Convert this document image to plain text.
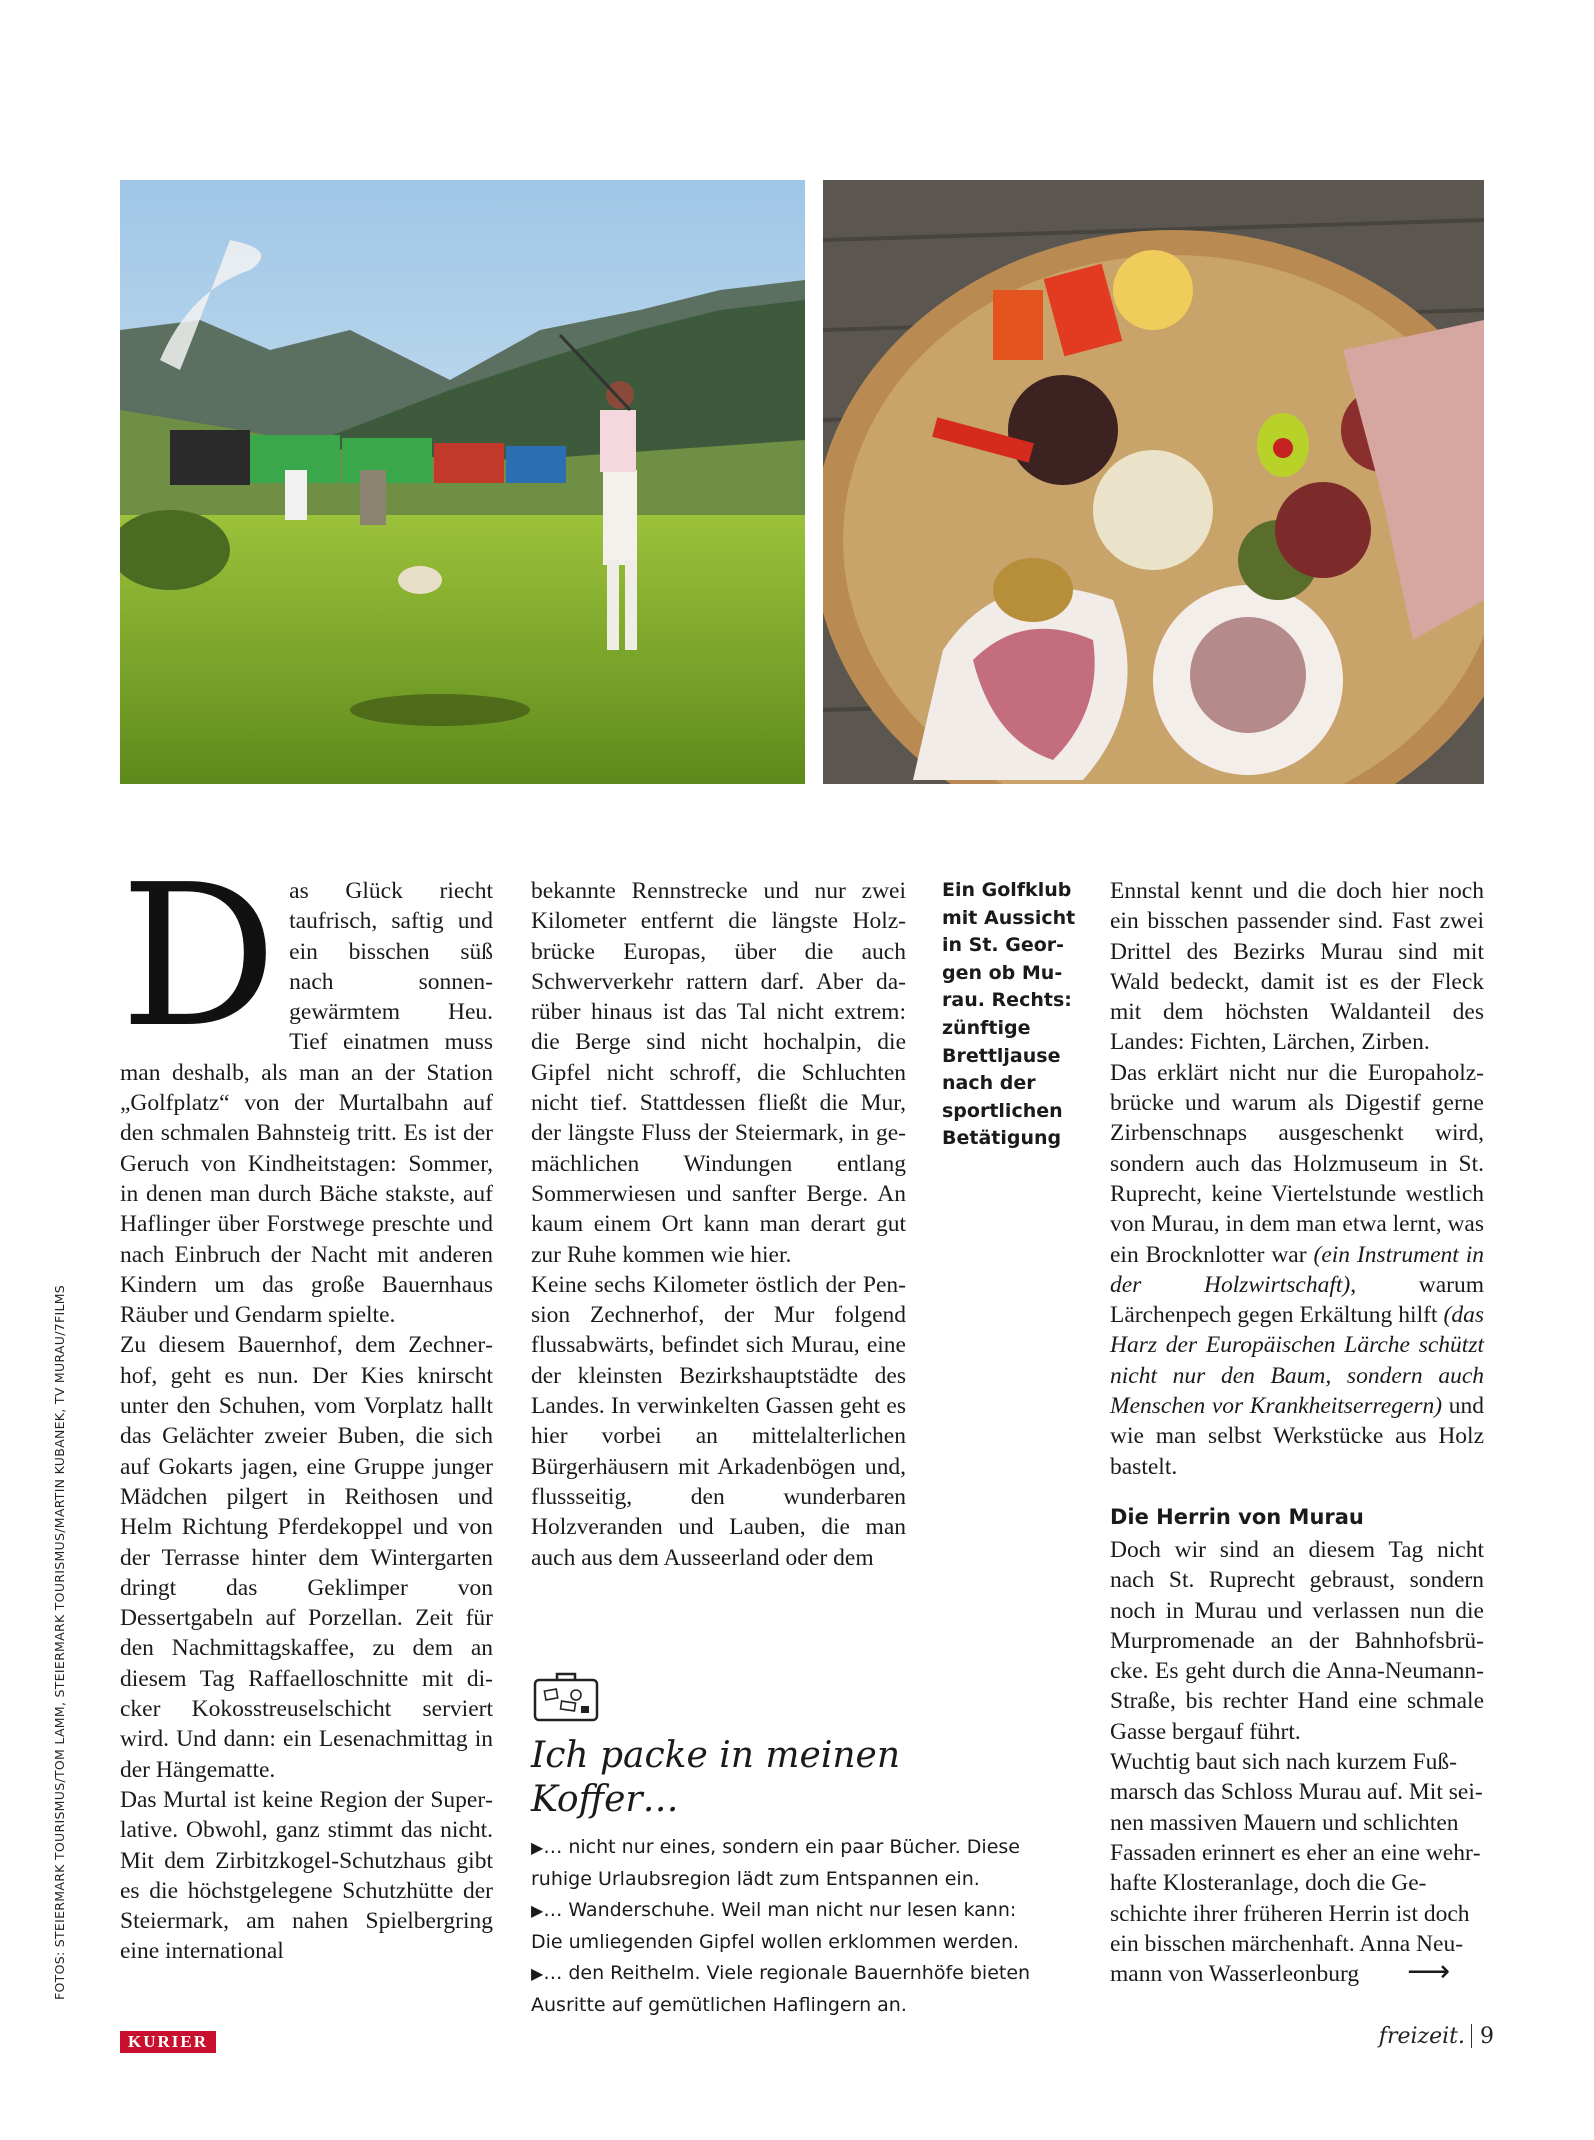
FOTOS: STEIERMARK TOURISMUS/TOM LAMM, STEIERMARK TOURISMUS/MARTIN KUBANEK, TV MURAU/7FILMS

D as Glück riecht taufrisch, saftig und ein bisschen süß nach sonnengewärmtem Heu. Tief einatmen muss man deshalb, als man an der Station „Golfplatz“ von der Murtalbahn auf den schmalen Bahnsteig tritt. Es ist der Geruch von Kindheitstagen: Sommer, in denen man durch Bäche stakste, auf Haflinger über Forstwege preschte und nach Einbruch der Nacht mit anderen Kindern um das große Bauernhaus Räuber und Gendarm spielte.

Zu diesem Bauernhof, dem Zechnerhof, geht es nun. Der Kies knirscht unter den Schuhen, vom Vorplatz hallt das Gelächter zweier Buben, die sich auf Gokarts jagen, eine Gruppe junger Mädchen pilgert in Reithosen und Helm Richtung Pferdekoppel und von der Terrasse hinter dem Wintergarten dringt das Geklimper von Dessertgabeln auf Porzellan. Zeit für den Nachmittagskaffee, zu dem an diesem Tag Raffaelloschnitte mit dicker Kokosstreuselschicht serviert wird. Und dann: ein Lesenachmittag in der Hängematte.

Das Murtal ist keine Region der Superlative. Obwohl, ganz stimmt das nicht. Mit dem Zirbitzkogel-Schutzhaus gibt es die höchstgelegene Schutzhütte der Steiermark, am nahen Spielbergring eine international

bekannte Rennstrecke und nur zwei Kilometer entfernt die längste Holzbrücke Europas, über die auch Schwerverkehr rattern darf. Aber darüber hinaus ist das Tal nicht extrem: die Berge sind nicht hochalpin, die Gipfel nicht schroff, die Schluchten nicht tief. Stattdessen fließt die Mur, der längste Fluss der Steiermark, in gemächlichen Windungen entlang Sommerwiesen und sanfter Berge. An kaum einem Ort kann man derart gut zur Ruhe kommen wie hier.

Keine sechs Kilometer östlich der Pension Zechnerhof, der Mur folgend flussabwärts, befindet sich Murau, eine der kleinsten Bezirkshauptstädte des Landes. In verwinkelten Gassen geht es hier vorbei an mittelalterlichen Bürgerhäusern mit Arkadenbögen und, flussseitig, den wunderbaren Holzveranden und Lauben, die man auch aus dem Ausseerland oder dem

Ein Golfklub
mit Aussicht
in St. Geor-
gen ob Mu-
rau. Rechts:
zünftige
Brettljause
nach der
sportlichen
Betätigung
Ich packe in meinen Koffer…
▶… nicht nur eines, sondern ein paar Bücher. Diese ruhige Urlaubsregion lädt zum Entspannen ein.
▶… Wanderschuhe. Weil man nicht nur lesen kann: Die umliegenden Gipfel wollen erklommen werden.
▶… den Reithelm. Viele regionale Bauernhöfe bieten Ausritte auf gemütlichen Haflingern an.

Ennstal kennt und die doch hier noch ein bisschen passender sind. Fast zwei Drittel des Bezirks Murau sind mit Wald bedeckt, damit ist es der Fleck mit dem höchsten Waldanteil des Landes: Fichten, Lärchen, Zirben.

Das erklärt nicht nur die Europaholzbrücke und warum als Digestif gerne Zirbenschnaps ausgeschenkt wird, sondern auch das Holzmuseum in St. Ruprecht, keine Viertelstunde westlich von Murau, in dem man etwa lernt, was ein Brocknlotter war (ein Instrument in der Holzwirtschaft), warum Lärchenpech gegen Erkältung hilft (das Harz der Europäischen Lärche schützt nicht nur den Baum, sondern auch Menschen vor Krankheitserregern) und wie man selbst Werkstücke aus Holz bastelt.

Die Herrin von Murau

Doch wir sind an diesem Tag nicht nach St. Ruprecht gebraust, sondern noch in Murau und verlassen nun die Murpromenade an der Bahnhofsbrücke. Es geht durch die Anna-Neumann-Straße, bis rechter Hand eine schmale Gasse bergauf führt.

Wuchtig baut sich nach kurzem Fußmarsch das Schloss Murau auf. Mit seinen massiven Mauern und schlichten Fassaden erinnert es eher an eine wehrhafte Klosteranlage, doch die Geschichte ihrer früheren Herrin ist doch ein bisschen märchenhaft. Anna Neumann von Wasserleonburg ⟶

KURIER	freizeit. 9
